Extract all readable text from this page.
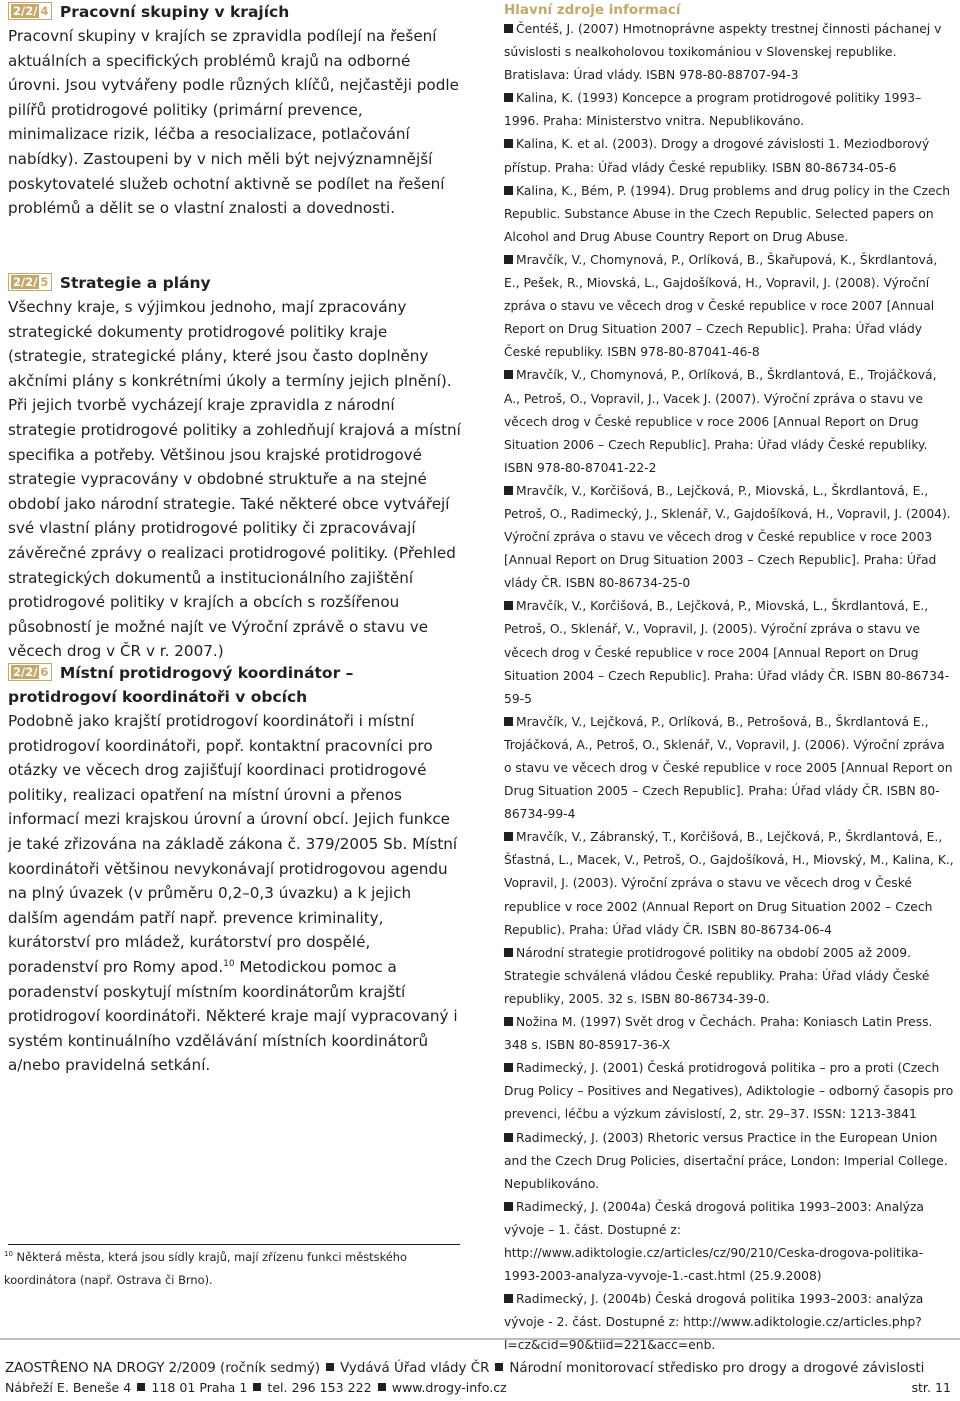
2/2/ 4 Pracovní skupiny v krajích

Pracovní skupiny v krajích se zpravidla podílejí na řešení aktuálních a specifických problémů krajů na odborné úrovni. Jsou vytvářeny podle různých klíčů, nejčastěji podle pilířů protidrogové politiky (primární prevence, minimalizace rizik, léčba a resocializace, potlačování nabídky). Zastoupeni by v nich měli být nejvýznamnější poskytovatelé služeb ochotní aktivně se podílet na řešení problémů a dělit se o vlastní znalosti a dovednosti.

2/2/ 5 Strategie a plány

Všechny kraje, s výjimkou jednoho, mají zpracovány strategické dokumenty protidrogové politiky kraje (strategie, strategické plány, které jsou často doplněny akčními plány s konkrétními úkoly a termíny jejich plnění). Při jejich tvorbě vycházejí kraje zpravidla z národní strategie protidrogové politiky a zohledňují krajová a místní specifika a potřeby. Většinou jsou krajské protidrogové strategie vypracovány v obdobné struktuře a na stejné období jako národní strategie. Také některé obce vytvářejí své vlastní plány protidrogové politiky či zpracovávají závěrečné zprávy o realizaci protidrogové politiky. (Přehled strategických dokumentů a institucionálního zajištění protidrogové politiky v krajích a obcích s rozšířenou působností je možné najít ve Výroční zprávě o stavu ve věcech drog v ČR v r. 2007.)

2/2/ 6 Místní protidrogový koordinátor – protidrogoví koordinátoři v obcích

Podobně jako krajští protidrogoví koordinátoři i místní protidrogoví koordinátoři, popř. kontaktní pracovníci pro otázky ve věcech drog zajišťují koordinaci protidrogové politiky, realizaci opatření na místní úrovni a přenos informací mezi krajskou úrovní a úrovní obcí. Jejich funkce je také zřizována na základě zákona č. 379/2005 Sb. Místní koordinátoři většinou nevykonávají protidrogovou agendu na plný úvazek (v průměru 0,2–0,3 úvazku) a k jejich dalším agendám patří např. prevence kriminality, kurátorství pro mládež, kurátorství pro dospělé, poradenství pro Romy apod.$^{10}$ Metodickou pomoc a poradenství poskytují místním koordinátorům krajští protidrogoví koordinátoři. Některé kraje mají vypracovaný i systém kontinuálního vzdělávání místních koordinátorů a/nebo pravidelná setkání.

$^{10}$ Některá města, která jsou sídly krajů, mají zřízenu funkci městského koordinátora (např. Ostrava či Brno).

Hlavní zdroje informací

Čentéš, J. (2007) Hmotnoprávne aspekty trestnej činnosti páchanej v súvislosti s nealkoholovou toxikomániou v Slovenskej republike. Bratislava: Úrad vlády. ISBN 978-80-88707-94-3

Kalina, K. (1993) Koncepce a program protidrogové politiky 1993–1996. Praha: Ministerstvo vnitra. Nepublikováno.

Kalina, K. et al. (2003). Drogy a drogové závislosti 1. Meziodborový přístup. Praha: Úřad vlády České republiky. ISBN 80-86734-05-6

Kalina, K., Bém, P. (1994). Drug problems and drug policy in the Czech Republic. Substance Abuse in the Czech Republic. Selected papers on Alcohol and Drug Abuse Country Report on Drug Abuse.

Mravčík, V., Chomynová, P., Orlíková, B., Škařupová, K., Škrdlantová, E., Pešek, R., Miovská, L., Gajdošíková, H., Vopravil, J. (2008). Výroční zpráva o stavu ve věcech drog v České republice v roce 2007 [Annual Report on Drug Situation 2007 – Czech Republic]. Praha: Úřad vlády České republiky. ISBN 978-80-87041-46-8

Mravčík, V., Chomynová, P., Orlíková, B., Škrdlantová, E., Trojáčková, A., Petroš, O., Vopravil, J., Vacek J. (2007). Výroční zpráva o stavu ve věcech drog v České republice v roce 2006 [Annual Report on Drug Situation 2006 – Czech Republic]. Praha: Úřad vlády České republiky. ISBN 978-80-87041-22-2

Mravčík, V., Korčišová, B., Lejčková, P., Miovská, L., Škrdlantová, E., Petroš, O., Radimecký, J., Sklenář, V., Gajdošíková, H., Vopravil, J. (2004). Výroční zpráva o stavu ve věcech drog v České republice v roce 2003 [Annual Report on Drug Situation 2003 – Czech Republic]. Praha: Úřad vlády ČR. ISBN 80-86734-25-0

Mravčík, V., Korčišová, B., Lejčková, P., Miovská, L., Škrdlantová, E., Petroš, O., Sklenář, V., Vopravil, J. (2005). Výroční zpráva o stavu ve věcech drog v České republice v roce 2004 [Annual Report on Drug Situation 2004 – Czech Republic]. Praha: Úřad vlády ČR. ISBN 80-86734-59-5

Mravčík, V., Lejčková, P., Orlíková, B., Petrošová, B., Škrdlantová E., Trojáčková, A., Petroš, O., Sklenář, V., Vopravil, J. (2006). Výroční zpráva o stavu ve věcech drog v České republice v roce 2005 [Annual Report on Drug Situation 2005 – Czech Republic]. Praha: Úřad vlády ČR. ISBN 80-86734-99-4

Mravčík, V., Zábranský, T., Korčišová, B., Lejčková, P., Škrdlantová, E., Šťastná, L., Macek, V., Petroš, O., Gajdošíková, H., Miovský, M., Kalina, K., Vopravil, J. (2003). Výroční zpráva o stavu ve věcech drog v České republice v roce 2002 (Annual Report on Drug Situation 2002 – Czech Republic). Praha: Úřad vlády ČR. ISBN 80-86734-06-4

Národní strategie protidrogové politiky na období 2005 až 2009. Strategie schválená vládou České republiky. Praha: Úřad vlády České republiky, 2005. 32 s. ISBN 80-86734-39-0.

Nožina M. (1997) Svět drog v Čechách. Praha: Koniasch Latin Press. 348 s. ISBN 80-85917-36-X

Radimecký, J. (2001) Česká protidrogová politika – pro a proti (Czech Drug Policy – Positives and Negatives), Adiktologie – odborný časopis pro prevenci, léčbu a výzkum závislostí, 2, str. 29–37. ISSN: 1213-3841

Radimecký, J. (2003) Rhetoric versus Practice in the European Union and the Czech Drug Policies, disertační práce, London: Imperial College. Nepublikováno.

Radimecký, J. (2004a) Česká drogová politika 1993–2003: Analýza vývoje – 1. část. Dostupné z: http://www.adiktologie.cz/articles/cz/90/210/Ceska-drogova-politika-1993-2003-analyza-vyvoje-1.-cast.html (25.9.2008)

Radimecký, J. (2004b) Česká drogová politika 1993–2003: analýza vývoje - 2. část. Dostupné z: http://www.adiktologie.cz/articles.php?l=cz&cid=90&tiid=221&acc=enb.

ZAOSTŘENO NA DROGY 2/2009 (ročník sedmý) Vydává Úřad vlády ČR Národní monitorovací středisko pro drogy a drogové závislosti
Nábřeží E. Beneše 4 118 01 Praha 1 tel. 296 153 222 www.drogy-info.cz	str. 11
